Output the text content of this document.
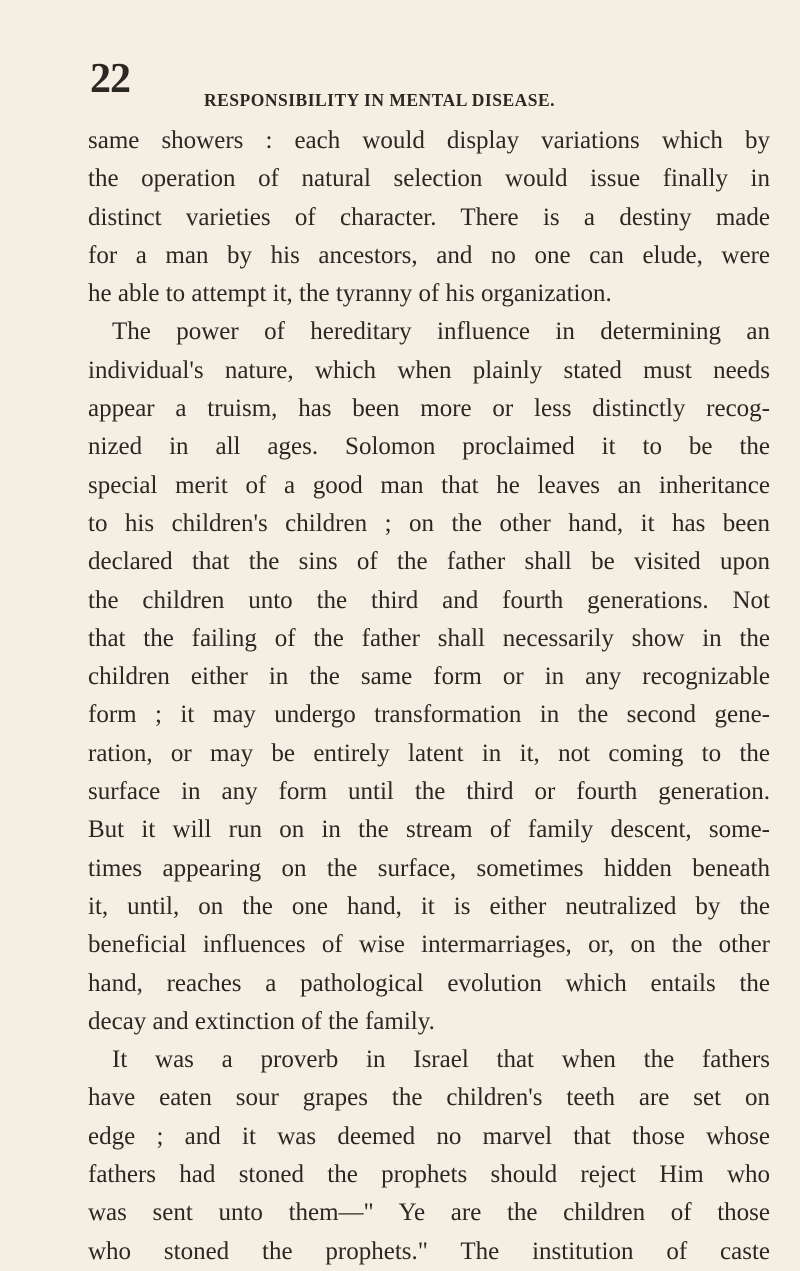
22	RESPONSIBILITY IN MENTAL DISEASE.
same showers : each would display variations which by
the operation of natural selection would issue finally in
distinct varieties of character. There is a destiny made
for a man by his ancestors, and no one can elude, were
he able to attempt it, the tyranny of his organization.
The power of hereditary influence in determining an
individual's nature, which when plainly stated must needs
appear a truism, has been more or less distinctly recog-
nized in all ages. Solomon proclaimed it to be the
special merit of a good man that he leaves an inheritance
to his children's children ; on the other hand, it has been
declared that the sins of the father shall be visited upon
the children unto the third and fourth generations. Not
that the failing of the father shall necessarily show in the
children either in the same form or in any recognizable
form ; it may undergo transformation in the second gene-
ration, or may be entirely latent in it, not coming to the
surface in any form until the third or fourth generation.
But it will run on in the stream of family descent, some-
times appearing on the surface, sometimes hidden beneath
it, until, on the one hand, it is either neutralized by the
beneficial influences of wise intermarriages, or, on the other
hand, reaches a pathological evolution which entails the
decay and extinction of the family.
It was a proverb in Israel that when the fathers
have eaten sour grapes the children's teeth are set on
edge ; and it was deemed no marvel that those whose
fathers had stoned the prophets should reject Him who
was sent unto them—" Ye are the children of those
who stoned the prophets." The institution of caste
